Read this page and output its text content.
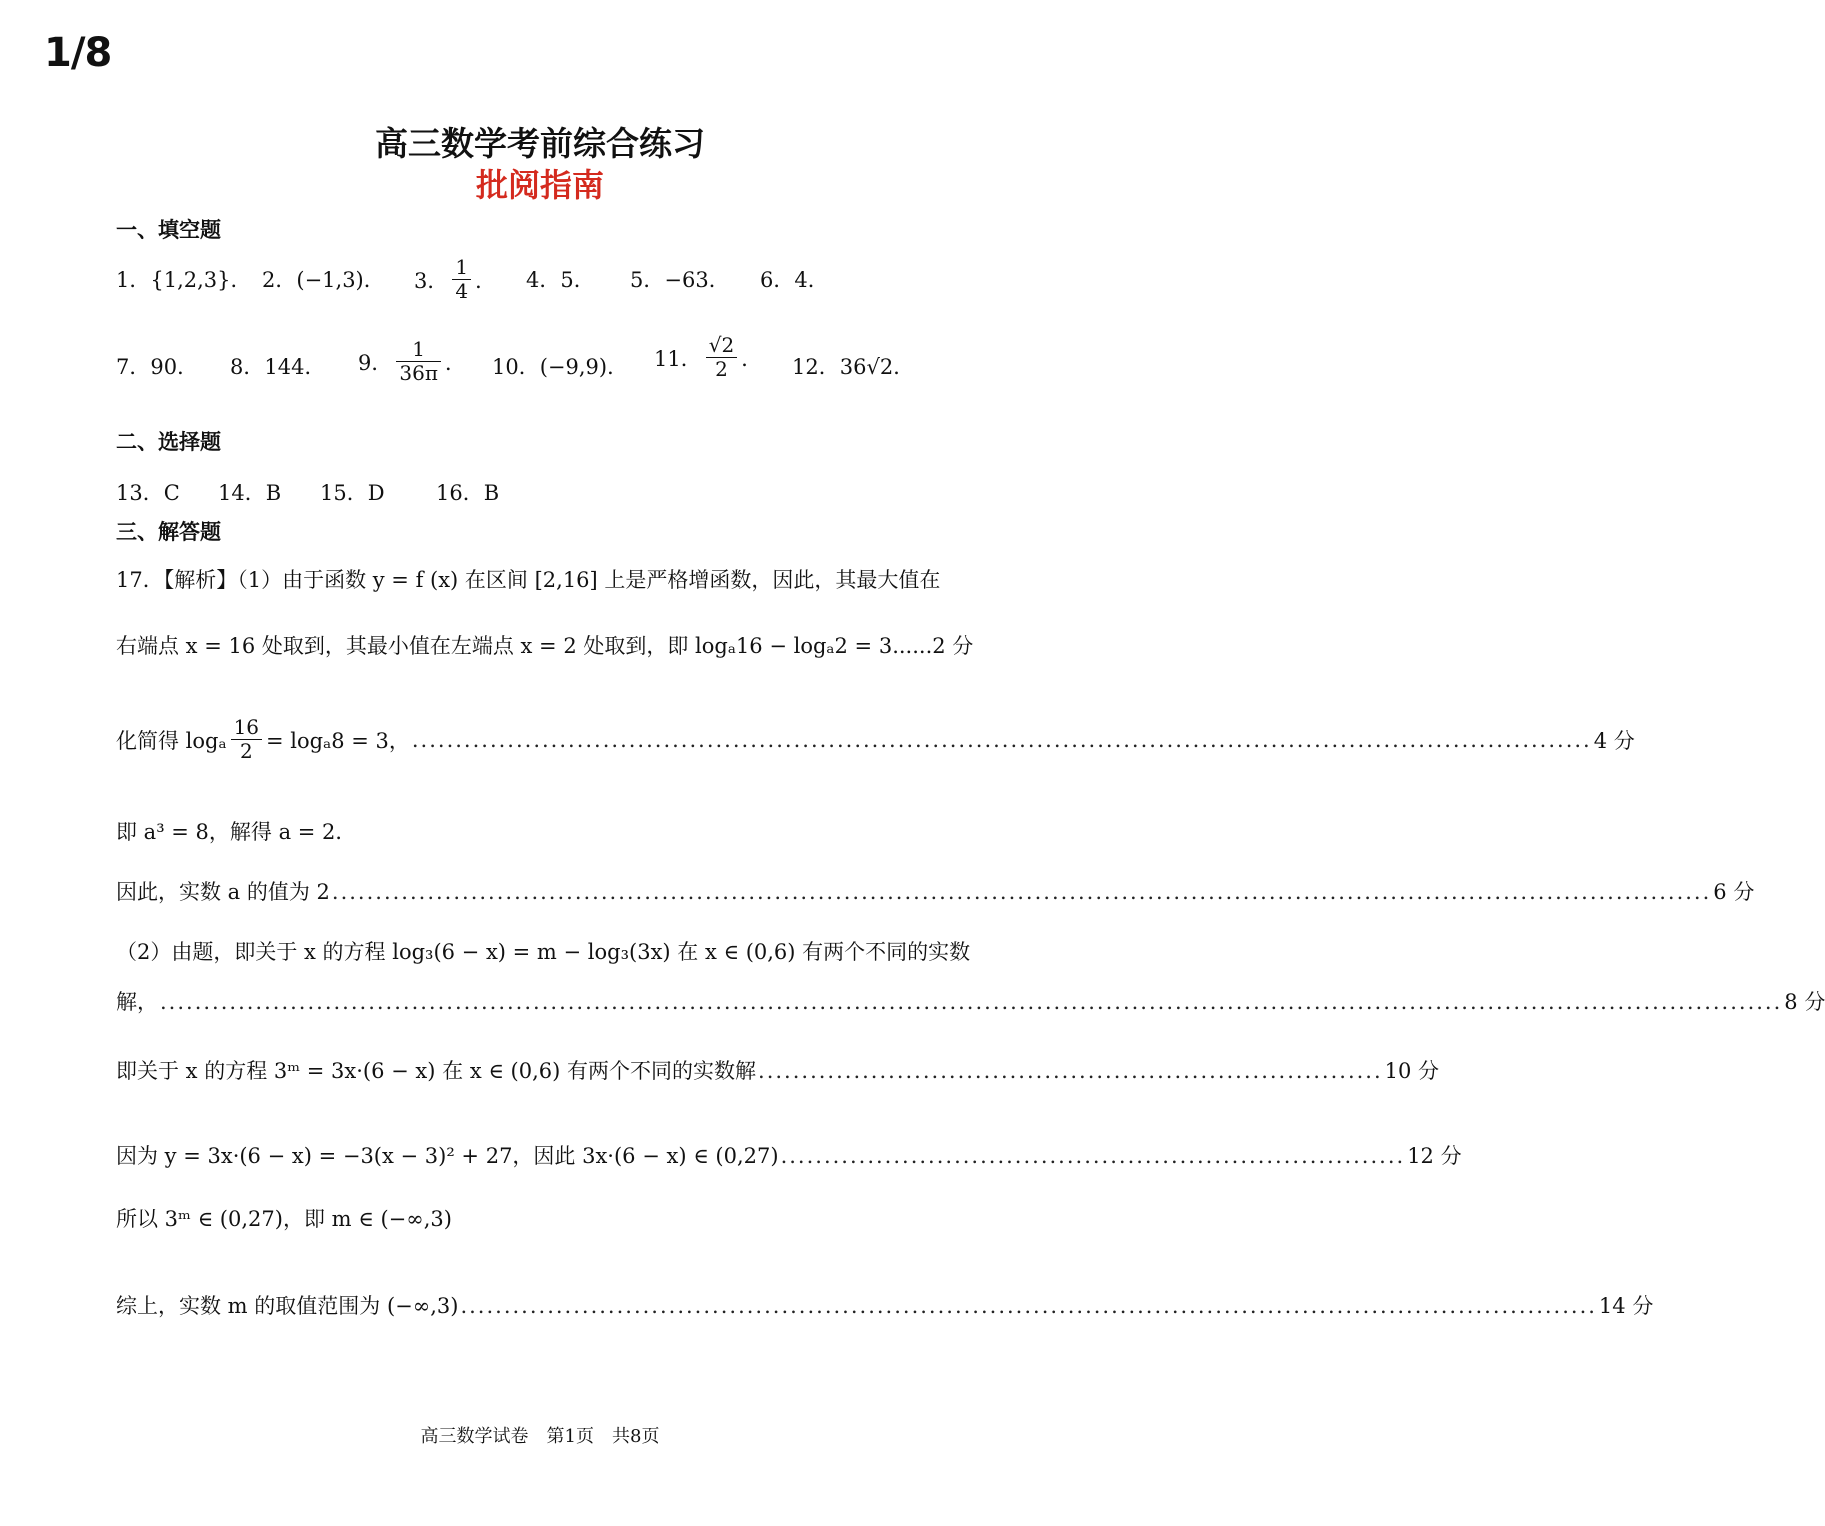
1/8
高三数学考前综合练习
批阅指南
一、填空题
1． {1,2,3}． 2． (−1,3)． 3． $\frac{1}{4}$ ． 4． 5． 5． −63． 6． 4．
7． 90． 8． 144． 9． $\frac{1}{36\pi}$ ． 10． (−9,9)． 11． $\frac{√2}{2}$ ． 12． 36√2．
二、选择题
13．C 14．B 15．D 16．B
三、解答题
17．【解析】（1）由于函数 y = f (x) 在区间 [2,16] 上是严格增函数，因此，其最大值在
右端点 x = 16 处取到，其最小值在左端点 x = 2 处取到，即 logₐ16 − logₐ2 = 3 ...... 2 分
化简得 logₐ $\frac{16}{2} = \log_a8 = 3$， ........................................................................................................................................ 4 分
即 a³ = 8，解得 a = 2．
因此，实数 a 的值为 2 ............................................................................................................................................................... 6 分
（2）由题，即关于 x 的方程 log₃(6 − x) = m − log₃(3x) 在 x ∈ (0,6) 有两个不同的实数
解， ........................................................................................................................................................................................... 8 分
即关于 x 的方程 3ᵐ = 3x·(6 − x) 在 x ∈ (0,6) 有两个不同的实数解 ........................................................................ 10 分
因为 y = 3x·(6 − x) = −3(x − 3)² + 27，因此 3x·(6 − x) ∈ (0,27) ........................................................................ 12 分
所以 3ᵐ ∈ (0,27)，即 m ∈ (−∞,3)
综上，实数 m 的取值范围为 (−∞,3) ................................................................................................................................... 14 分
高三数学试卷　第1页　共8页
